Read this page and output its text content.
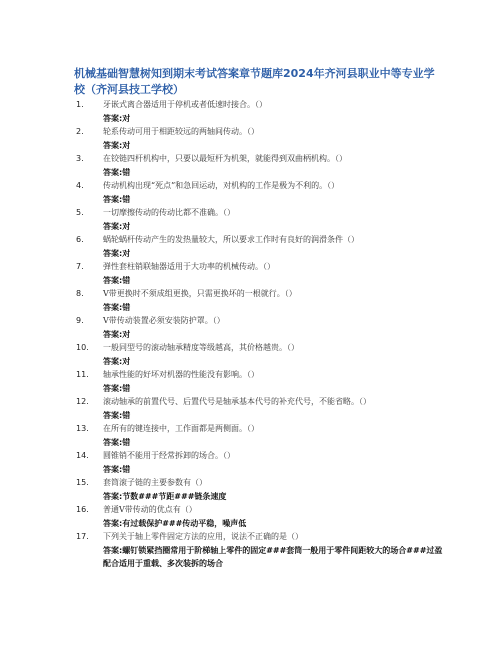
机械基础智慧树知到期末考试答案章节题库2024年齐河县职业中等专业学校（齐河县技工学校）
1.	牙嵌式离合器适用于停机或者低速时接合。（）
答案:对
2.	轮系传动可用于相距较远的两轴间传动。（）
答案:对
3.	在铰链四杆机构中，只要以最短杆为机架，就能得到双曲柄机构。（）
答案:错
4.	传动机构出现“死点”和急回运动，对机构的工作是极为不利的。（）
答案:错
5.	一切摩擦传动的传动比都不准确。（）
答案:对
6.	蜗轮蜗杆传动产生的发热量较大，所以要求工作时有良好的润滑条件（）
答案:对
7.	弹性套柱销联轴器适用于大功率的机械传动。（）
答案:错
8.	V带更换时不须成组更换，只需更换坏的一根就行。（）
答案:错
9.	V带传动装置必须安装防护罩。（）
答案:对
10.	一般同型号的滚动轴承精度等级越高，其价格越贵。（）
答案:对
11.	轴承性能的好坏对机器的性能没有影响。（）
答案:错
12.	滚动轴承的前置代号、后置代号是轴承基本代号的补充代号，不能省略。（）
答案:错
13.	在所有的键连接中，工作面都是两侧面。（）
答案:错
14.	圆锥销不能用于经常拆卸的场合。（）
答案:错
15.	套筒滚子链的主要参数有（）
答案:节数###节距###链条速度
16.	普通V带传动的优点有（）
答案:有过载保护###传动平稳，噪声低
17.	下列关于轴上零件固定方法的应用，说法不正确的是（）
答案:螺钉锁紧挡圈常用于阶梯轴上零件的固定###套筒一般用于零件间距较大的场合###过盈配合适用于重载、多次装拆的场合
